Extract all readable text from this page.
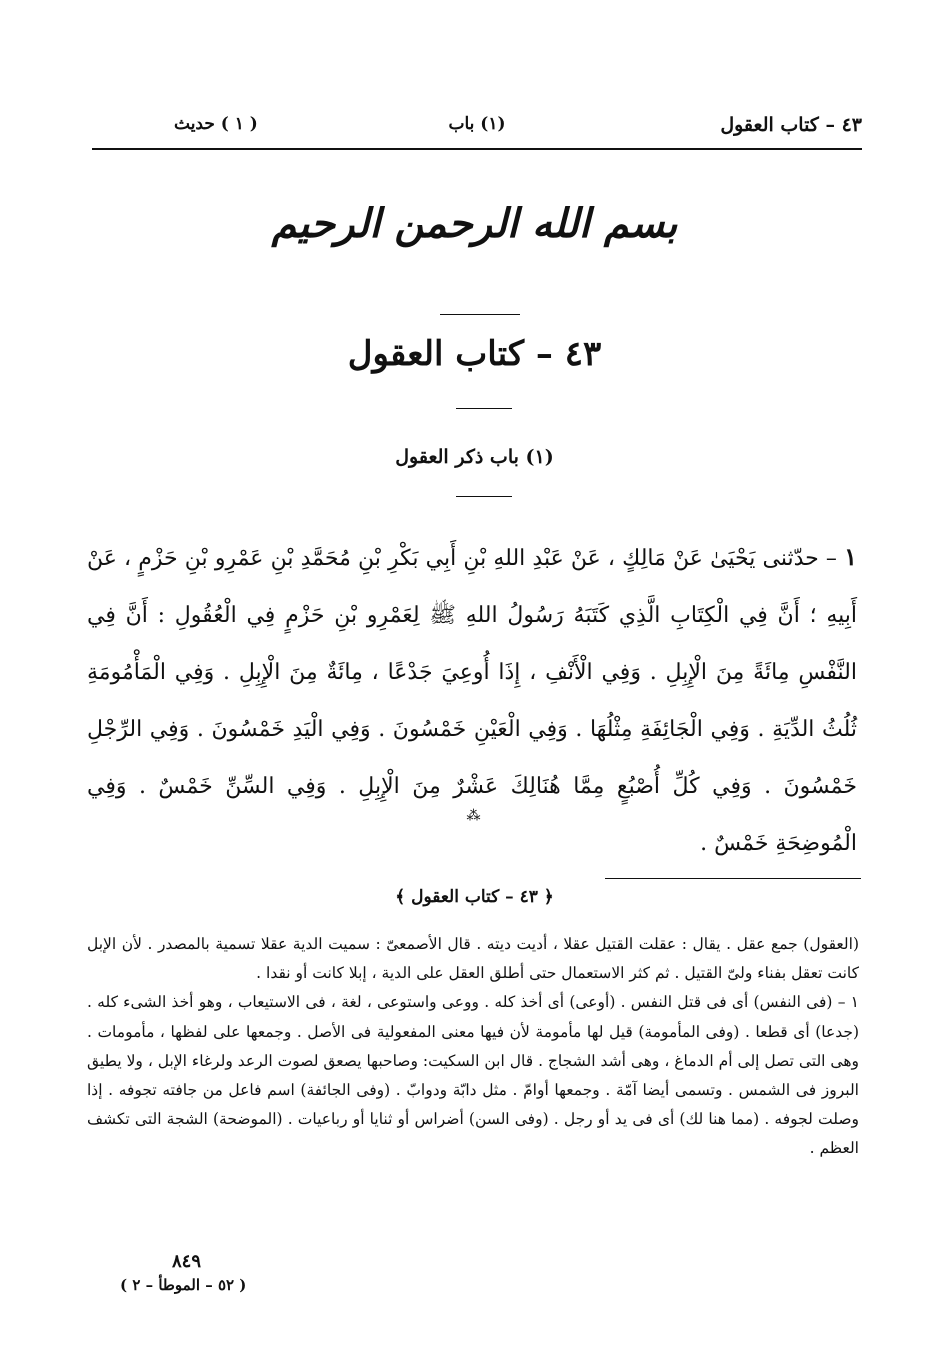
٤٣ – كتاب العقول
(١) باب
( ١ ) حديث
بسم الله الرحمن الرحيم
٤٣ – كتاب العقول
(١) باب ذكر العقول
١ – حدّثنى يَحْيَىٰ عَنْ مَالِكٍ ، عَنْ عَبْدِ اللهِ بْنِ أَبِي بَكْرِ بْنِ مُحَمَّدِ بْنِ عَمْرِو بْنِ حَزْمٍ ، عَنْ أَبِيهِ ؛ أَنَّ فِي الْكِتَابِ الَّذِي كَتَبَهُ رَسُولُ اللهِ ﷺ لِعَمْرِو بْنِ حَزْمٍ فِي الْعُقُولِ : أَنَّ فِي النَّفْسِ مِائَةً مِنَ الْإِبِلِ . وَفِي الْأَنْفِ ، إِذَا أُوعِيَ جَدْعًا ، مِائَةٌ مِنَ الْإِبِلِ . وَفِي الْمَأْمُومَةِ ثُلُثُ الدِّيَةِ . وَفِي الْجَائِفَةِ مِثْلُهَا . وَفِي الْعَيْنِ خَمْسُونَ . وَفِي الْيَدِ خَمْسُونَ . وَفِي الرِّجْلِ خَمْسُونَ . وَفِي كُلِّ أُصْبُعٍ مِمَّا هُنَالِكَ عَشْرٌ مِنَ الْإِبِلِ . وَفِي السِّنِّ خَمْسٌ . وَفِي الْمُوضِحَةِ خَمْسٌ .
⁂
﴿ ٤٣ – كتاب العقول ﴾

(العقول) جمع عقل . يقال : عقلت القتيل عقلا ، أديت ديته . قال الأصمعىّ : سميت الدية عقلا تسمية بالمصدر . لأن الإبل كانت تعقل بفناء ولىّ القتيل . ثم كثر الاستعمال حتى أطلق العقل على الدية ، إبلا كانت أو نقدا .

١ – (فى النفس) أى فى قتل النفس . (أوعى) أى أخذ كله . ووعى واستوعى ، لغة ، فى الاستيعاب ، وهو أخذ الشىء كله . (جدعا) أى قطعا . (وفى المأمومة) قيل لها مأمومة لأن فيها معنى المفعولية فى الأصل . وجمعها على لفظها ، مأمومات . وهى التى تصل إلى أم الدماغ ، وهى أشد الشجاج . قال ابن السكيت: وصاحبها يصعق لصوت الرعد ولرغاء الإبل ، ولا يطيق البروز فى الشمس . وتسمى أيضا آمّة . وجمعها أوامّ . مثل دابّة ودوابّ . (وفى الجائفة) اسم فاعل من جافته تجوفه . إذا وصلت لجوفه . (مما هنا لك) أى فى يد أو رجل . (وفى السن) أضراس أو ثنايا أو رباعيات . (الموضحة) الشجة التى تكشف العظم .

٨٤٩
( ٥٢ – الموطأ – ٢ )
